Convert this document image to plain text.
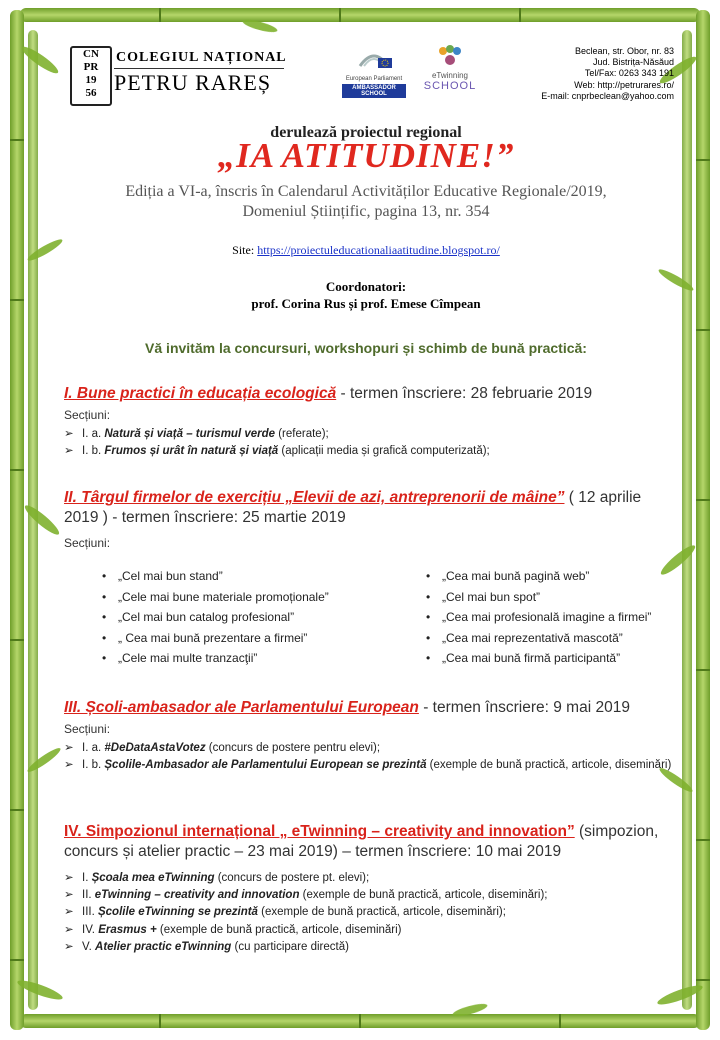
CN
PR
19
56
COLEGIUL NAȚIONAL
PETRU RAREȘ	European Parliament
AMBASSADOR SCHOOL
eTwinning
SCHOOL
Beclean, str. Obor, nr. 83
Jud. Bistrița-Năsăud
Tel/Fax: 0263 343 191
Web: http://petrurares.ro/
E-mail: cnprbeclean@yahoo.com
derulează proiectul regional
„IA ATITUDINE!”
Ediția a VI-a, înscris în Calendarul Activităților Educative Regionale/2019,
Domeniul Științific, pagina 13, nr. 354
Site: https://proiectuleducationaliaatitudine.blogspot.ro/
Coordonatori:
prof. Corina Rus și prof. Emese Cîmpean
Vă invităm la concursuri, workshopuri și schimb de bună practică:
I. Bune practici în educația ecologică - termen înscriere: 28 februarie 2019
Secțiuni:
➢ I. a. Natură și viață – turismul verde (referate);
➢ I. b. Frumos și urât în natură și viață (aplicații media și grafică computerizată);
II. Târgul firmelor de exercițiu „Elevii de azi, antreprenorii de mâine” ( 12 aprilie 2019 ) - termen înscriere: 25 martie 2019
Secțiuni:
• „Cel mai bun stand”
• „Cele mai bune materiale promoționale”
• „Cel mai bun catalog profesional”
• „ Cea mai bună prezentare a firmei”
• „Cele mai multe tranzacţii”
• „Cea mai bună pagină web”
• „Cel mai bun spot”
• „Cea mai profesională imagine a firmei”
• „Cea mai reprezentativă mascotă”
• „Cea mai bună firmă participantă”
III. Școli-ambasador ale Parlamentului European - termen înscriere: 9 mai 2019
Secțiuni:
➢ I. a. #DeDataAstaVotez (concurs de postere pentru elevi);
➢ I. b. Școlile-Ambasador ale Parlamentului European se prezintă (exemple de bună practică, articole, diseminări)
IV. Simpozionul internațional „ eTwinning – creativity and innovation” (simpozion, concurs și atelier practic – 23 mai 2019) – termen înscriere: 10 mai 2019
➢ I. Școala mea eTwinning (concurs de postere pt. elevi);
➢ II. eTwinning – creativity and innovation (exemple de bună practică, articole, diseminări);
➢ III. Școlile eTwinning se prezintă (exemple de bună practică, articole, diseminări);
➢ IV. Erasmus + (exemple de bună practică, articole, diseminări)
➢ V. Atelier practic eTwinning (cu participare directă)
